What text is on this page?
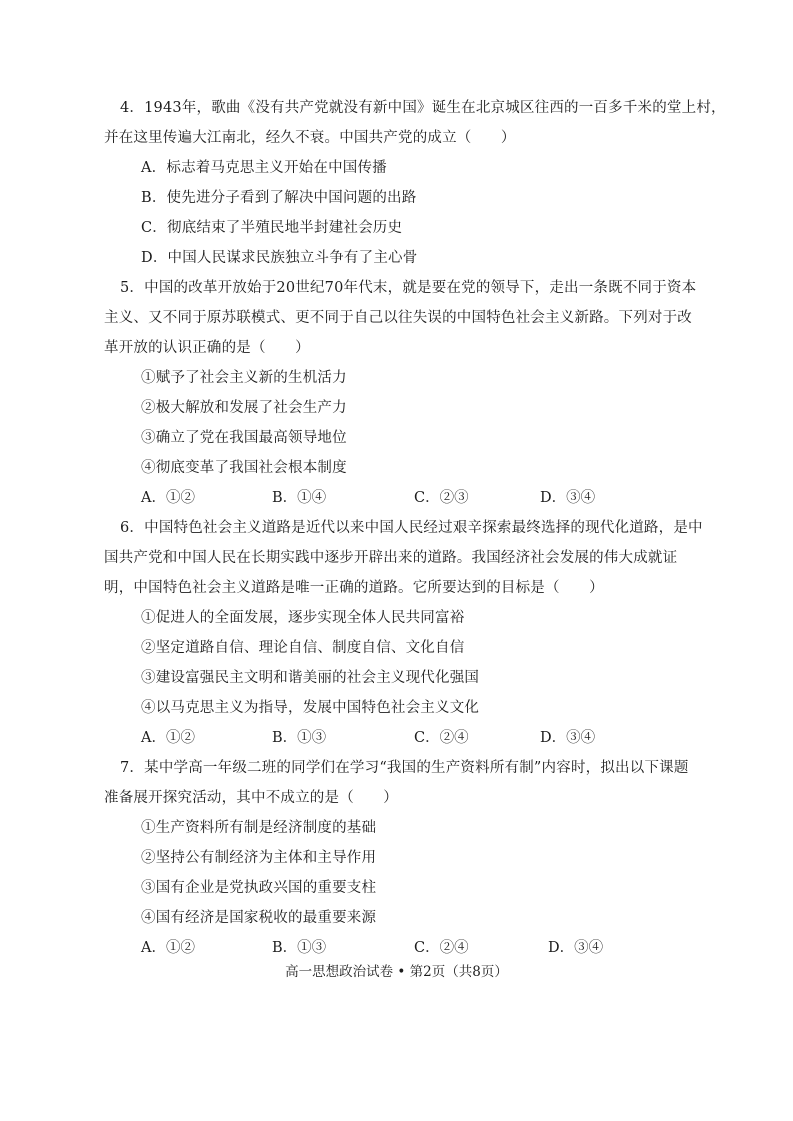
4．1943年，歌曲《没有共产党就没有新中国》诞生在北京城区往西的一百多千米的堂上村，
并在这里传遍大江南北，经久不衰。中国共产党的成立（　　）
A．标志着马克思主义开始在中国传播
B．使先进分子看到了解决中国问题的出路
C．彻底结束了半殖民地半封建社会历史
D．中国人民谋求民族独立斗争有了主心骨
5．中国的改革开放始于20世纪70年代末，就是要在党的领导下，走出一条既不同于资本
主义、又不同于原苏联模式、更不同于自己以往失误的中国特色社会主义新路。下列对于改
革开放的认识正确的是（　　）
①赋予了社会主义新的生机活力
②极大解放和发展了社会生产力
③确立了党在我国最高领导地位
④彻底变革了我国社会根本制度
A．①②	B．①④	C．②③	D．③④
6．中国特色社会主义道路是近代以来中国人民经过艰辛探索最终选择的现代化道路，是中
国共产党和中国人民在长期实践中逐步开辟出来的道路。我国经济社会发展的伟大成就证
明，中国特色社会主义道路是唯一正确的道路。它所要达到的目标是（　　）
①促进人的全面发展，逐步实现全体人民共同富裕
②坚定道路自信、理论自信、制度自信、文化自信
③建设富强民主文明和谐美丽的社会主义现代化强国
④以马克思主义为指导，发展中国特色社会主义文化
A．①②	B．①③	C．②④	D．③④
7．某中学高一年级二班的同学们在学习“我国的生产资料所有制”内容时，拟出以下课题
准备展开探究活动，其中不成立的是（　　）
①生产资料所有制是经济制度的基础
②坚持公有制经济为主体和主导作用
③国有企业是党执政兴国的重要支柱
④国有经济是国家税收的最重要来源
A．①②	B．①③	C．②④	D．③④
高一思想政治试卷 • 第2页（共8页）
